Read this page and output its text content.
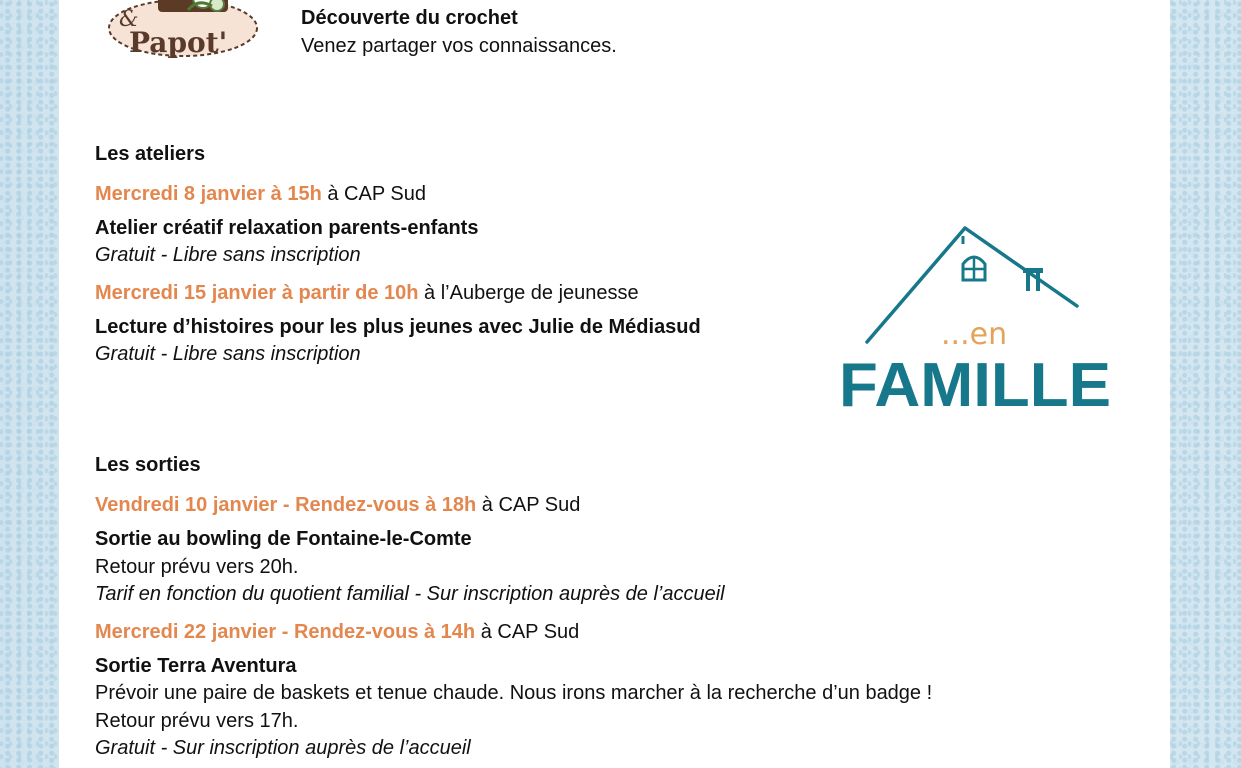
&
Papot'
Découverte du crochet
Venez partager vos connaissances.
Les ateliers
Mercredi 8 janvier à 15h à CAP Sud
Atelier créatif relaxation parents-enfants
Gratuit - Libre sans inscription
Mercredi 15 janvier à partir de 10h à l’Auberge de jeunesse
Lecture d’histoires pour les plus jeunes avec Julie de Médiasud
Gratuit - Libre sans inscription
...en
FAMILLE
Les sorties
Vendredi 10 janvier - Rendez-vous à 18h à CAP Sud
Sortie au bowling de Fontaine-le-Comte
Retour prévu vers 20h.
Tarif en fonction du quotient familial - Sur inscription auprès de l’accueil
Mercredi 22 janvier - Rendez-vous à 14h à CAP Sud
Sortie Terra Aventura
Prévoir une paire de baskets et tenue chaude. Nous irons marcher à la recherche d’un badge !
Retour prévu vers 17h.
Gratuit - Sur inscription auprès de l’accueil
